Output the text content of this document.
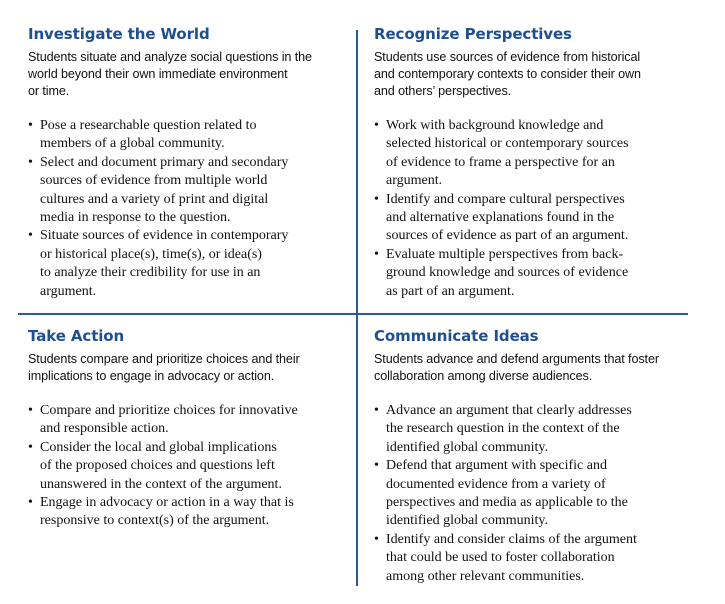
Investigate the World

Students situate and analyze social questions in the
world beyond their own immediate environment
or time.

• Pose a researchable question related to
members of a global community.
• Select and document primary and secondary
sources of evidence from multiple world
cultures and a variety of print and digital
media in response to the question.
• Situate sources of evidence in contemporary
or historical place(s), time(s), or idea(s)
to analyze their credibility for use in an
argument.
Recognize Perspectives

Students use sources of evidence from historical
and contemporary contexts to consider their own
and others’ perspectives.

• Work with background knowledge and
selected historical or contemporary sources
of evidence to frame a perspective for an
argument.
• Identify and compare cultural perspectives
and alternative explanations found in the
sources of evidence as part of an argument.
• Evaluate multiple perspectives from back-
ground knowledge and sources of evidence
as part of an argument.
Take Action

Students compare and prioritize choices and their
implications to engage in advocacy or action.

• Compare and prioritize choices for innovative
and responsible action.
• Consider the local and global implications
of the proposed choices and questions left
unanswered in the context of the argument.
• Engage in advocacy or action in a way that is
responsive to context(s) of the argument.
Communicate Ideas

Students advance and defend arguments that foster
collaboration among diverse audiences.

• Advance an argument that clearly addresses
the research question in the context of the
identified global community.
• Defend that argument with specific and
documented evidence from a variety of
perspectives and media as applicable to the
identified global community.
• Identify and consider claims of the argument
that could be used to foster collaboration
among other relevant communities.
